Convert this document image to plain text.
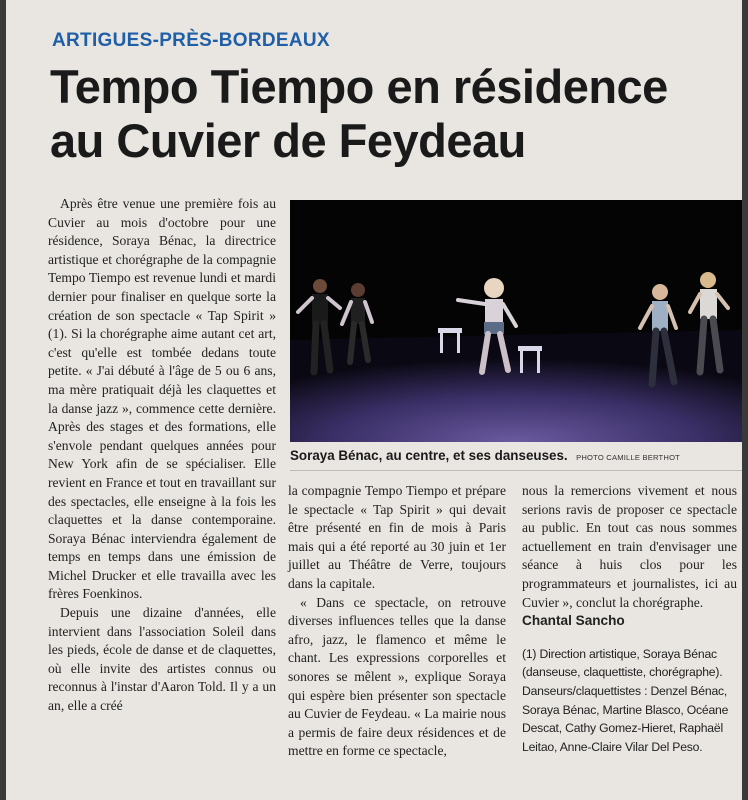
ARTIGUES-PRÈS-BORDEAUX
Tempo Tiempo en résidence
au Cuvier de Feydeau

Après être venue une première fois au Cuvier au mois d'octobre pour une résidence, Soraya Bénac, la directrice artistique et chorégraphe de la compagnie Tempo Tiempo est revenue lundi et mardi dernier pour finaliser en quelque sorte la création de son spectacle « Tap Spirit » (1). Si la chorégraphe aime autant cet art, c'est qu'elle est tombée dedans toute petite. « J'ai débuté à l'âge de 5 ou 6 ans, ma mère pratiquait déjà les claquettes et la danse jazz », commence cette dernière. Après des stages et des formations, elle s'envole pendant quelques années pour New York afin de se spécialiser. Elle revient en France et tout en travaillant sur des spectacles, elle enseigne à la fois les claquettes et la danse contemporaine. Soraya Bénac interviendra également de temps en temps dans une émission de Michel Drucker et elle travailla avec les frères Foenkinos.

Depuis une dizaine d'années, elle intervient dans l'association Soleil dans les pieds, école de danse et de claquettes, où elle invite des artistes connus ou reconnus à l'instar d'Aaron Told. Il y a un an, elle a créé

Soraya Bénac, au centre, et ses danseuses. PHOTO CAMILLE BERTHOT

la compagnie Tempo Tiempo et prépare le spectacle « Tap Spirit » qui devait être présenté en fin de mois à Paris mais qui a été reporté au 30 juin et 1er juillet au Théâtre de Verre, toujours dans la capitale.

« Dans ce spectacle, on retrouve diverses influences telles que la danse afro, jazz, le flamenco et même le chant. Les expressions corporelles et sonores se mêlent », explique Soraya qui espère bien présenter son spectacle au Cuvier de Feydeau. « La mairie nous a permis de faire deux résidences et de mettre en forme ce spectacle,

nous la remercions vivement et nous serions ravis de proposer ce spectacle au public. En tout cas nous sommes actuellement en train d'envisager une séance à huis clos pour les programmateurs et journalistes, ici au Cuvier », conclut la chorégraphe.

Chantal Sancho
(1) Direction artistique, Soraya Bénac (danseuse, claquettiste, chorégraphe). Danseurs/claquettistes : Denzel Bénac, Soraya Bénac, Martine Blasco, Océane Descat, Cathy Gomez-Hieret, Raphaël Leitao, Anne-Claire Vilar Del Peso.
